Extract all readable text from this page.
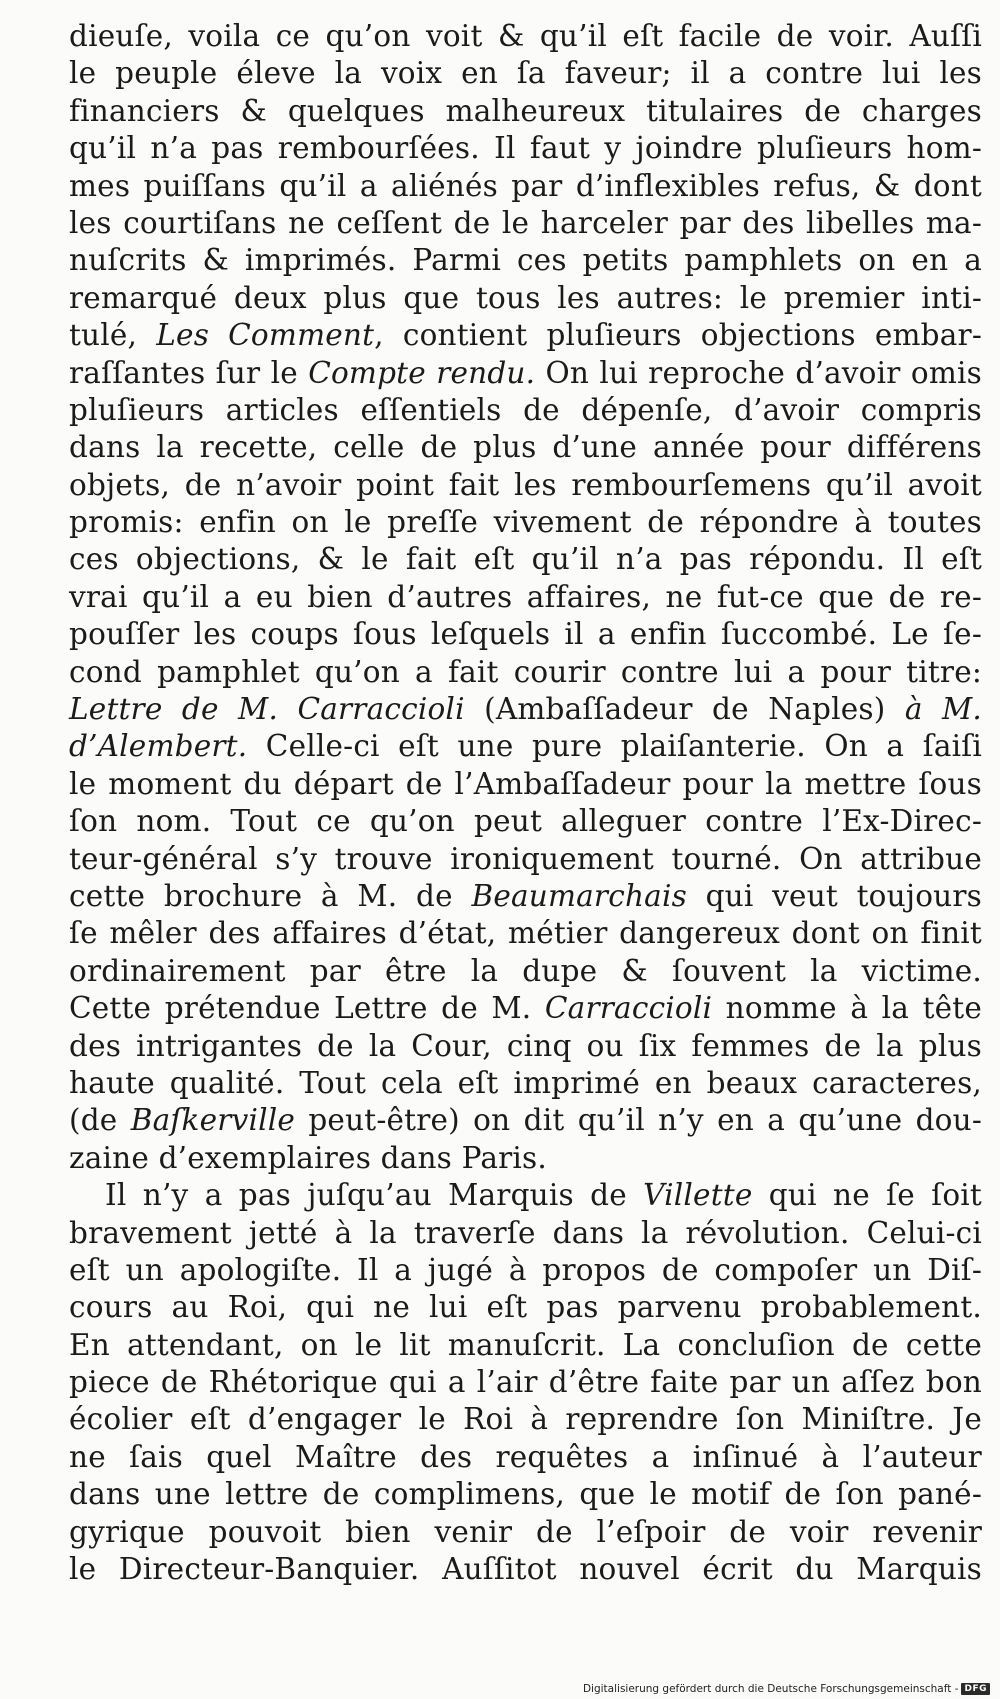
dieuſe, voila ce qu’on voit & qu’il eſt facile de voir. Auſſi
le peuple éleve la voix en ſa faveur; il a contre lui les
financiers & quelques malheureux titulaires de charges
qu’il n’a pas rembourſées. Il faut y joindre pluſieurs hom-
mes puiſſans qu’il a aliénés par d’inflexibles refus, & dont
les courtiſans ne ceſſent de le harceler par des libelles ma-
nuſcrits & imprimés. Parmi ces petits pamphlets on en a
remarqué deux plus que tous les autres: le premier inti-
tulé, Les Comment, contient pluſieurs objections embar-
raſſantes ſur le Compte rendu. On lui reproche d’avoir omis
pluſieurs articles eſſentiels de dépenſe, d’avoir compris
dans la recette, celle de plus d’une année pour différens
objets, de n’avoir point fait les rembourſemens qu’il avoit
promis: enfin on le preſſe vivement de répondre à toutes
ces objections, & le fait eſt qu’il n’a pas répondu. Il eſt
vrai qu’il a eu bien d’autres affaires, ne fut-ce que de re-
pouſſer les coups ſous leſquels il a enfin ſuccombé. Le ſe-
cond pamphlet qu’on a fait courir contre lui a pour titre:
Lettre de M. Carraccioli (Ambaſſadeur de Naples) à M.
d’Alembert. Celle-ci eſt une pure plaiſanterie. On a ſaiſi
le moment du départ de l’Ambaſſadeur pour la mettre ſous
ſon nom. Tout ce qu’on peut alleguer contre l’Ex-Direc-
teur-général s’y trouve ironiquement tourné. On attribue
cette brochure à M. de Beaumarchais qui veut toujours
ſe mêler des affaires d’état, métier dangereux dont on finit
ordinairement par être la dupe & ſouvent la victime.
Cette prétendue Lettre de M. Carraccioli nomme à la tête
des intrigantes de la Cour, cinq ou ſix femmes de la plus
haute qualité. Tout cela eſt imprimé en beaux caracteres,
(de Baſkerville peut-être) on dit qu’il n’y en a qu’une dou-
zaine d’exemplaires dans Paris.
Il n’y a pas juſqu’au Marquis de Villette qui ne ſe ſoit
bravement jetté à la traverſe dans la révolution. Celui-ci
eſt un apologiſte. Il a jugé à propos de compoſer un Diſ-
cours au Roi, qui ne lui eſt pas parvenu probablement.
En attendant, on le lit manuſcrit. La concluſion de cette
piece de Rhétorique qui a l’air d’être faite par un aſſez bon
écolier eſt d’engager le Roi à reprendre ſon Miniſtre. Je
ne ſais quel Maître des requêtes a inſinué à l’auteur
dans une lettre de complimens, que le motif de ſon pané-
gyrique pouvoit bien venir de l’eſpoir de voir revenir
le Directeur-Banquier. Auſſitot nouvel écrit du Marquis
Digitalisierung gefördert durch die Deutsche Forschungsgemeinschaft - DFG
